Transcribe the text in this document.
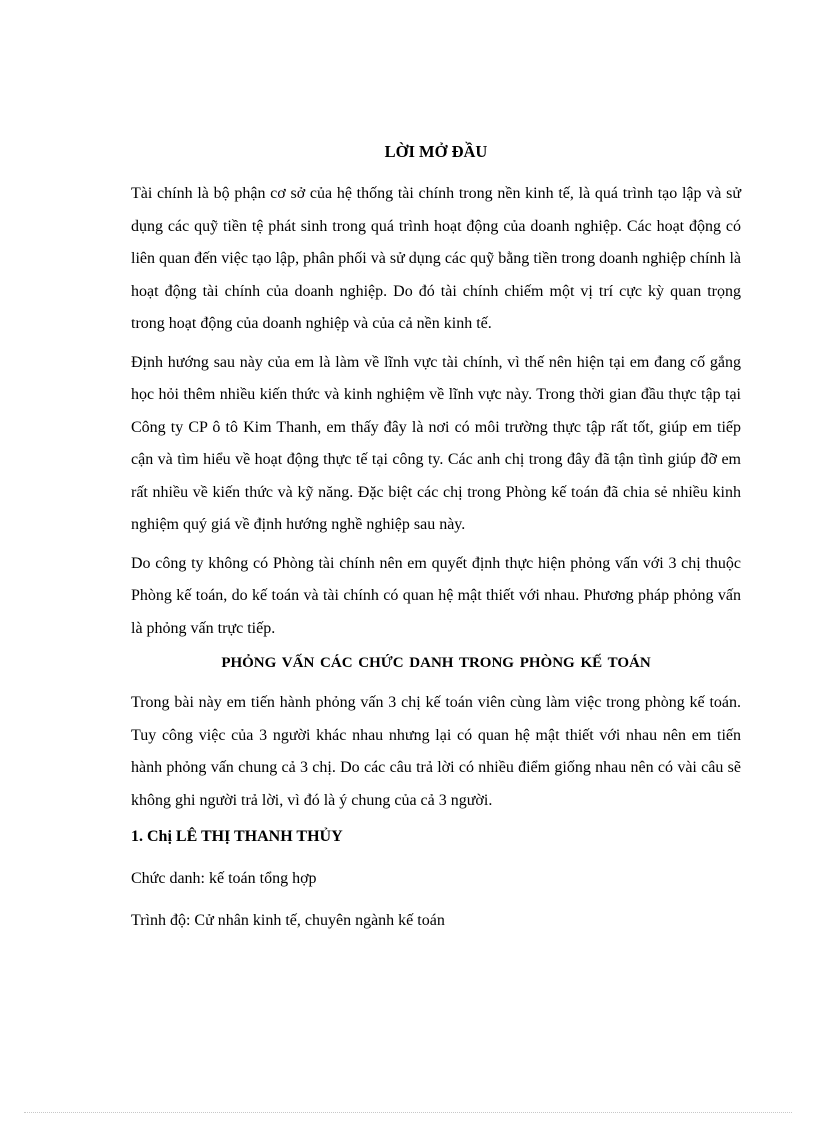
LỜI MỞ ĐẦU

Tài chính là bộ phận cơ sở của hệ thống tài chính trong nền kinh tế, là quá trình tạo lập và sử dụng các quỹ tiền tệ phát sinh trong quá trình hoạt động của doanh nghiệp. Các hoạt động có liên quan đến việc tạo lập, phân phối và sử dụng các quỹ bằng tiền trong doanh nghiệp chính là hoạt động tài chính của doanh nghiệp. Do đó tài chính chiếm một vị trí cực kỳ quan trọng trong hoạt động của doanh nghiệp và của cả nền kinh tế.

Định hướng sau này của em là làm về lĩnh vực tài chính, vì thế nên hiện tại em đang cố gắng học hỏi thêm nhiều kiến thức và kinh nghiệm về lĩnh vực này. Trong thời gian đầu thực tập tại Công ty CP ô tô Kim Thanh, em thấy đây là nơi có môi trường thực tập rất tốt, giúp em tiếp cận và tìm hiểu về hoạt động thực tế tại công ty. Các anh chị trong đây đã tận tình giúp đỡ em rất nhiều về kiến thức và kỹ năng. Đặc biệt các chị trong Phòng kế toán đã chia sẻ nhiều kinh nghiệm quý giá về định hướng nghề nghiệp sau này.

Do công ty không có Phòng tài chính nên em quyết định thực hiện phỏng vấn với 3 chị thuộc Phòng kế toán, do kế toán và tài chính có quan hệ mật thiết với nhau. Phương pháp phỏng vấn là phỏng vấn trực tiếp.

PHỎNG VẤN CÁC CHỨC DANH TRONG PHÒNG KẾ TOÁN

Trong bài này em tiến hành phỏng vấn 3 chị kế toán viên cùng làm việc trong phòng kế toán. Tuy công việc của 3 người khác nhau nhưng lại có quan hệ mật thiết với nhau nên em tiến hành phỏng vấn chung cả 3 chị. Do các câu trả lời có nhiều điểm giống nhau nên có vài câu sẽ không ghi người trả lời, vì đó là ý chung của cả 3 người.

1. Chị LÊ THỊ THANH THỦY
Chức danh: kế toán tổng hợp
Trình độ: Cử nhân kinh tế, chuyên ngành kế toán
